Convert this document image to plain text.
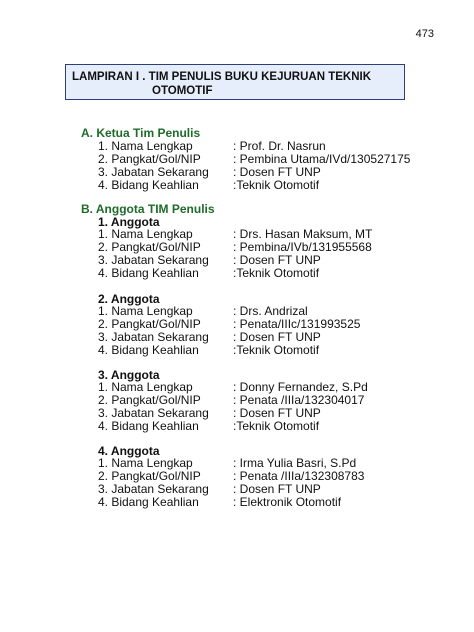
473
LAMPIRAN I . TIM PENULIS BUKU KEJURUAN TEKNIK
OTOMOTIF
A. Ketua Tim Penulis
1. Nama Lengkap	: Prof. Dr. Nasrun
2. Pangkat/Gol/NIP	: Pembina Utama/IVd/130527175
3. Jabatan Sekarang : Dosen FT UNP
4. Bidang Keahlian	:Teknik Otomotif
B. Anggota TIM Penulis
1. Anggota
1. Nama Lengkap	: Drs. Hasan Maksum, MT
2. Pangkat/Gol/NIP	: Pembina/IVb/131955568
3. Jabatan Sekarang : Dosen FT UNP
4. Bidang Keahlian	:Teknik Otomotif
2. Anggota
1. Nama Lengkap	: Drs. Andrizal
2. Pangkat/Gol/NIP	: Penata/IIIc/131993525
3. Jabatan Sekarang : Dosen FT UNP
4. Bidang Keahlian	:Teknik Otomotif
3. Anggota
1. Nama Lengkap	: Donny Fernandez, S.Pd
2. Pangkat/Gol/NIP	: Penata /IIIa/132304017
3. Jabatan Sekarang : Dosen FT UNP
4. Bidang Keahlian	:Teknik Otomotif
4. Anggota
1. Nama Lengkap	: Irma Yulia Basri, S.Pd
2. Pangkat/Gol/NIP	: Penata /IIIa/132308783
3. Jabatan Sekarang : Dosen FT UNP
4. Bidang Keahlian	: Elektronik Otomotif
